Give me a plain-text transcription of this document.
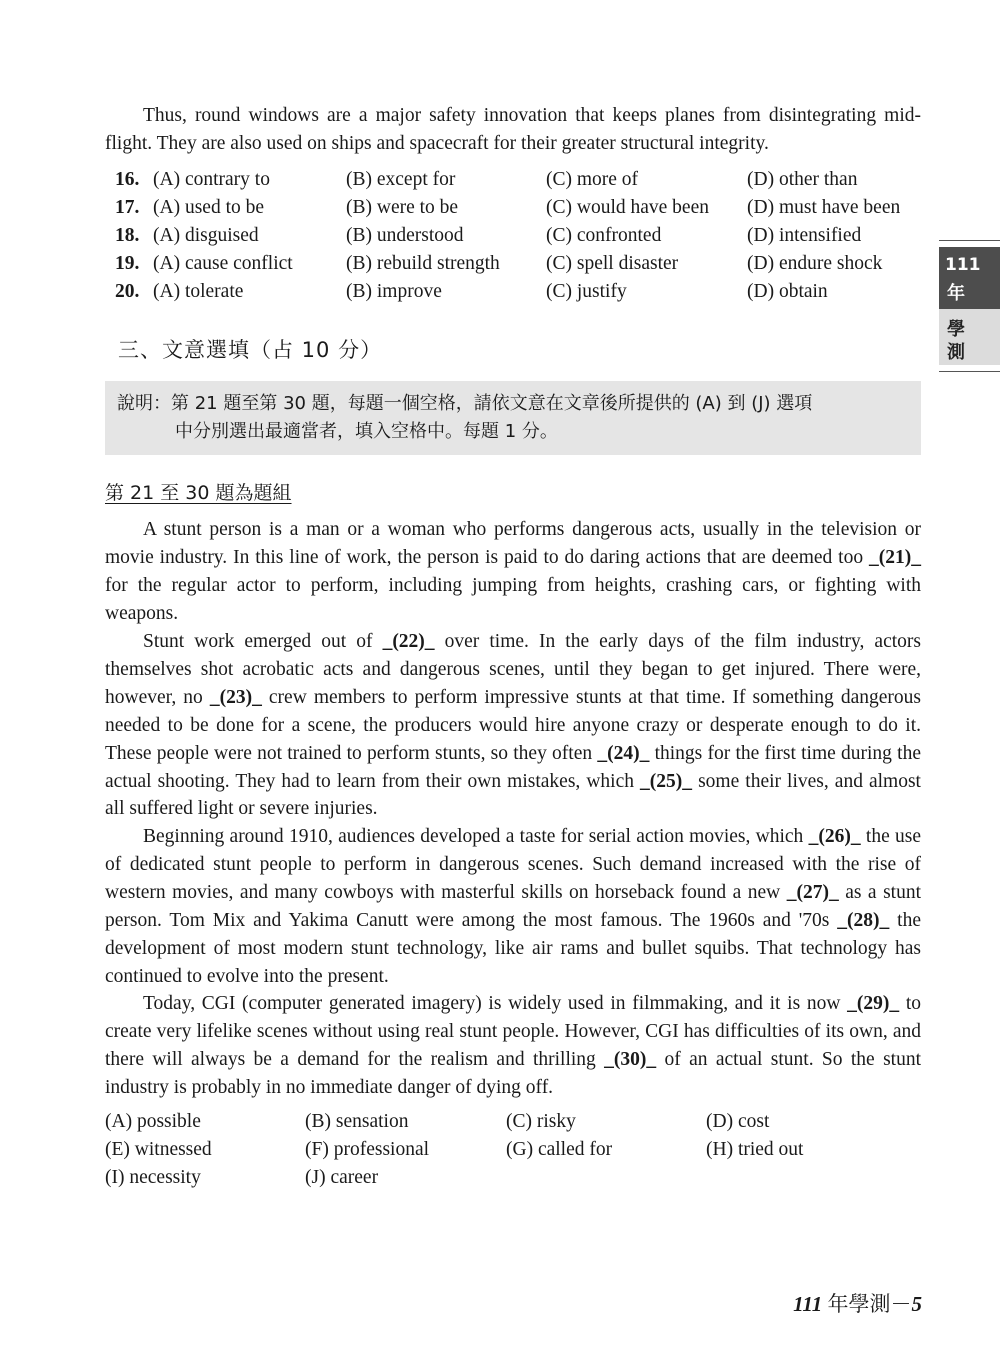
Thus, round windows are a major safety innovation that keeps planes from disintegrating mid-flight. They are also used on ships and spacecraft for their greater structural integrity.

16. (A) contrary to	(B) except for	(C) more of	(D) other than
17. (A) used to be	(B) were to be	(C) would have been (D) must have been
18. (A) disguised	(B) understood	(C) confronted	(D) intensified
19. (A) cause conflict	(B) rebuild strength (C) spell disaster	(D) endure shock
20. (A) tolerate	(B) improve	(C) justify	(D) obtain
三、文意選填（占 10 分）
說明：第 21 題至第 30 題，每題一個空格，請依文意在文章後所提供的 (A) 到 (J) 選項
中分別選出最適當者，填入空格中。每題 1 分。
第 21 至 30 題為題組

A stunt person is a man or a woman who performs dangerous acts, usually in the television or movie industry. In this line of work, the person is paid to do daring actions that are deemed too _(21)_ for the regular actor to perform, including jumping from heights, crashing cars, or fighting with weapons.

Stunt work emerged out of _(22)_ over time. In the early days of the film industry, actors themselves shot acrobatic acts and dangerous scenes, until they began to get injured. There were, however, no _(23)_ crew members to perform impressive stunts at that time. If something dangerous needed to be done for a scene, the producers would hire anyone crazy or desperate enough to do it. These people were not trained to perform stunts, so they often _(24)_ things for the first time during the actual shooting. They had to learn from their own mistakes, which _(25)_ some their lives, and almost all suffered light or severe injuries.

Beginning around 1910, audiences developed a taste for serial action movies, which _(26)_ the use of dedicated stunt people to perform in dangerous scenes. Such demand increased with the rise of western movies, and many cowboys with masterful skills on horseback found a new _(27)_ as a stunt person. Tom Mix and Yakima Canutt were among the most famous. The 1960s and '70s _(28)_ the development of most modern stunt technology, like air rams and bullet squibs. That technology has continued to evolve into the present.

Today, CGI (computer generated imagery) is widely used in filmmaking, and it is now _(29)_ to create very lifelike scenes without using real stunt people. However, CGI has difficulties of its own, and there will always be a demand for the realism and thrilling _(30)_ of an actual stunt. So the stunt industry is probably in no immediate danger of dying off.

(A) possible	(B) sensation	(C) risky	(D) cost
(E) witnessed	(F) professional	(G) called for	(H) tried out
(I) necessity	(J) career
111
年
學
測
111 年學測－5
